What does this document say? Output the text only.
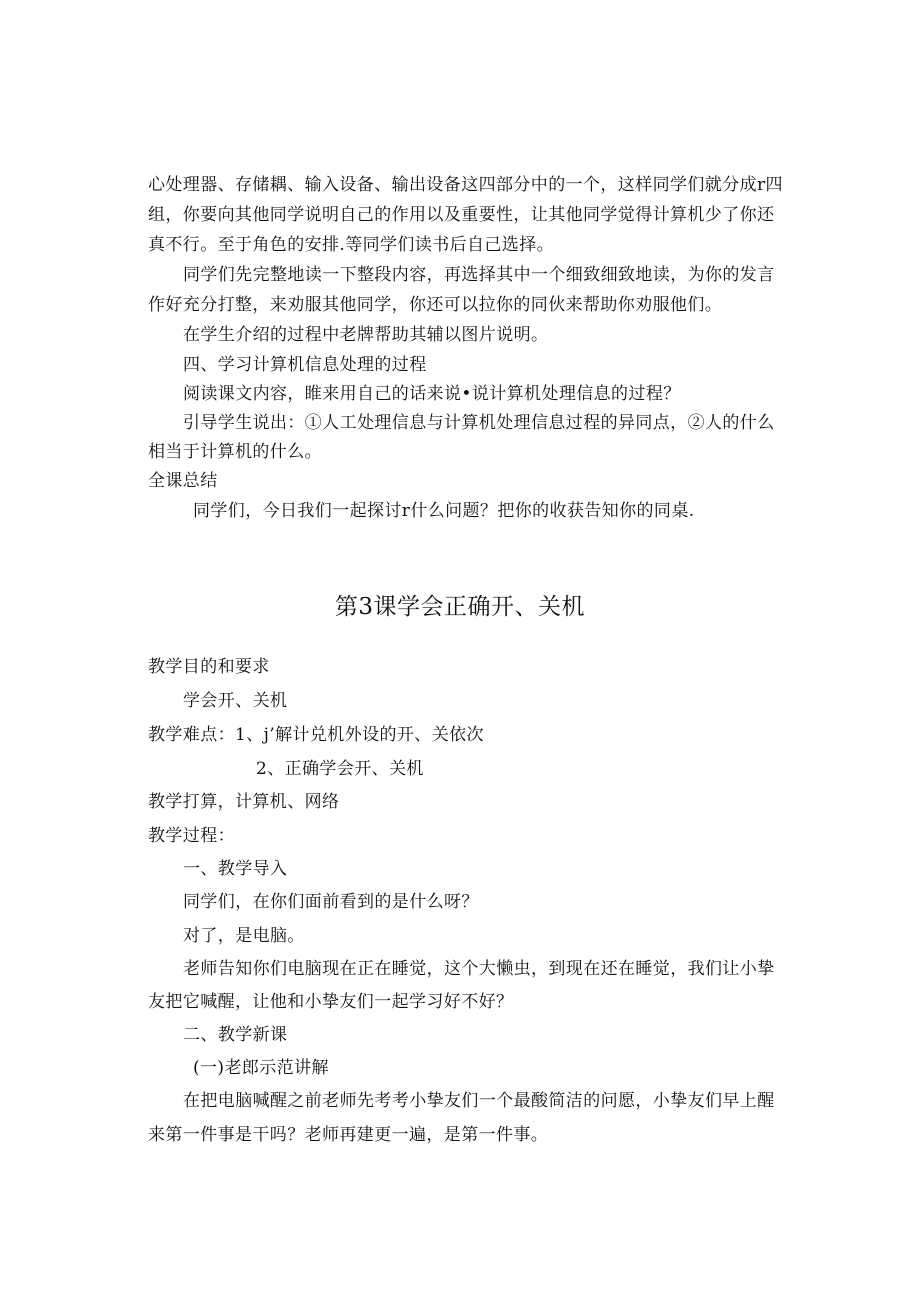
心处理器、存储耦、输入设备、输出设备这四部分中的一个，这样同学们就分成r四
组，你要向其他同学说明自己的作用以及重要性，让其他同学觉得计算机少了你还
真不行。至于角色的安排.等同学们读书后自己选择。
同学们先完整地读一下整段内容，再选择其中一个细致细致地读，为你的发言
作好充分打整，来劝服其他同学，你还可以拉你的同伙来帮助你劝服他们。
在学生介绍的过程中老牌帮助其辅以图片说明。
四、学习计算机信息处理的过程
阅读课文内容，睢来用自己的话来说•说计算机处理信息的过程？
引导学生说出：①人工处理信息与计算机处理信息过程的异同点，②人的什么
相当于计算机的什么。
全课总结
同学们，今日我们一起探讨r什么问题？把你的收获告知你的同桌.
第3课学会正确开、关机
教学目的和要求
学会开、关机
教学难点：1、j’解计兑机外设的开、关依次
2、正确学会开、关机
教学打算，计算机、网络
教学过程：
一、教学导入
同学们，在你们面前看到的是什么呀？
对了，是电脑。
老师告知你们电脑现在正在睡觉，这个大懒虫，到现在还在睡觉，我们让小挚
友把它喊醒，让他和小挚友们一起学习好不好？
二、教学新课
(一)老郎示范讲解
在把电脑喊醒之前老师先考考小挚友们一个最酸简洁的问愿，小挚友们早上醒
来第一件事是干吗？老师再建更一遍，是第一件事。
